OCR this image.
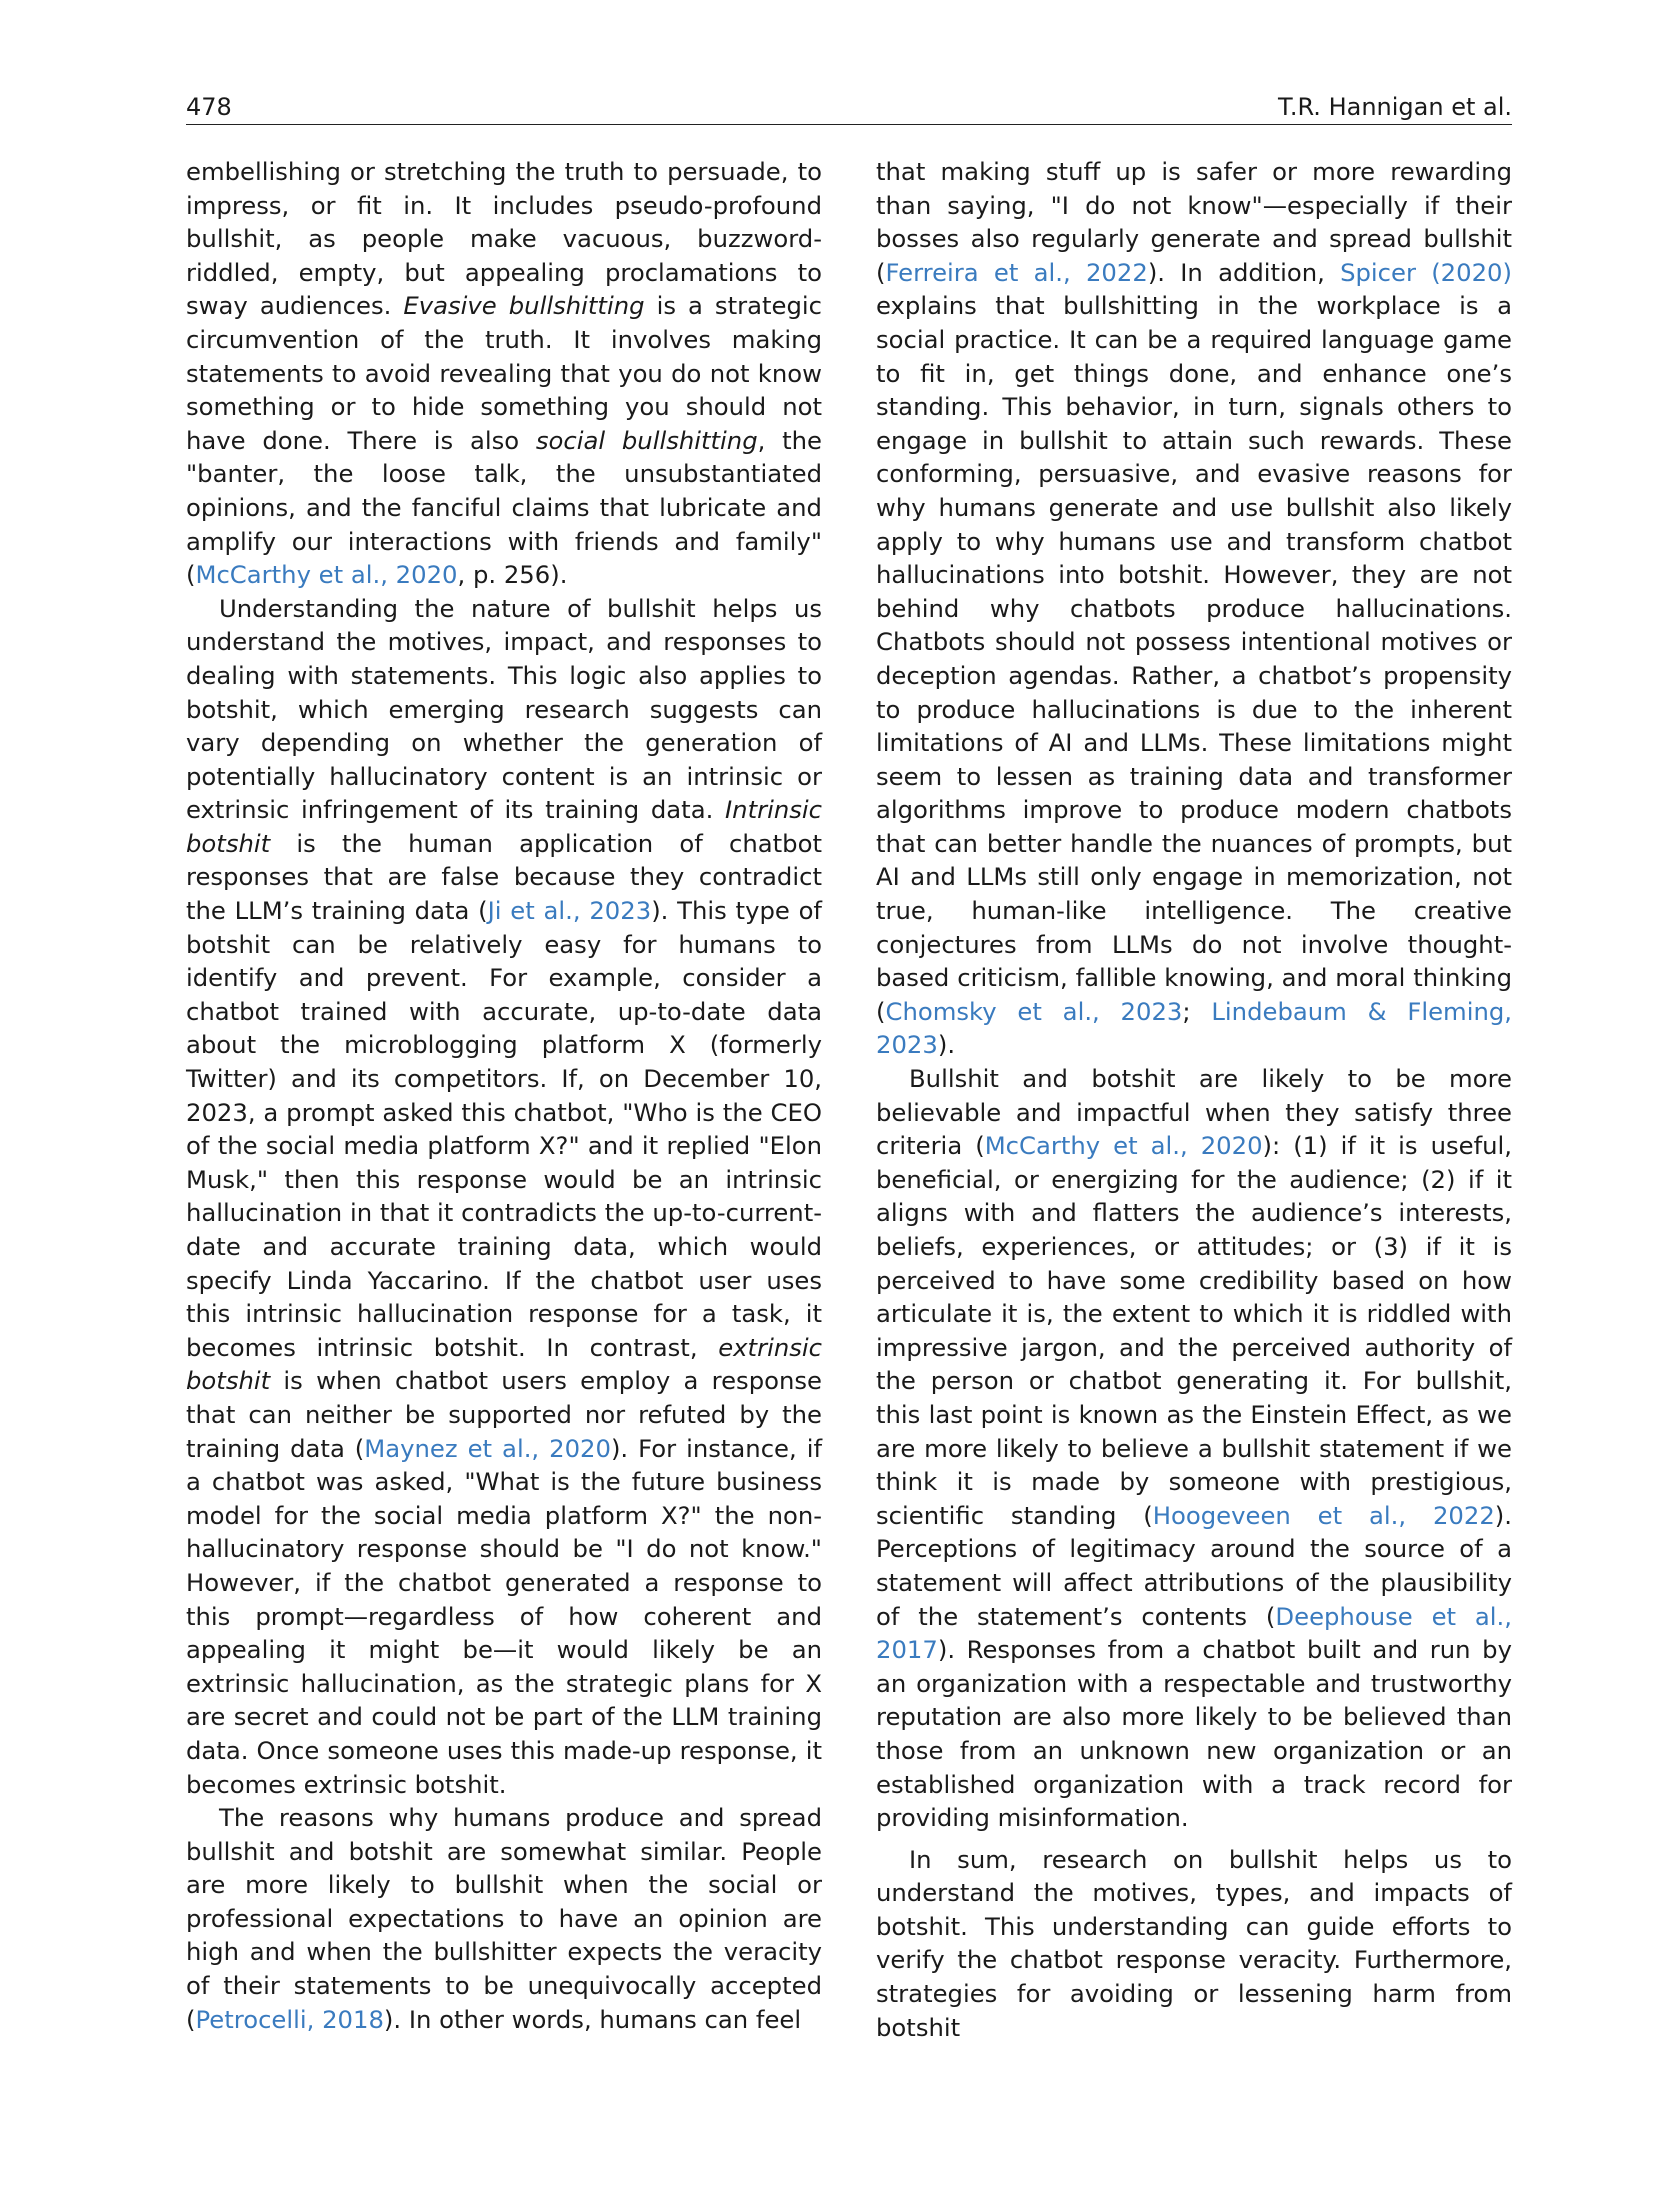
478	T.R. Hannigan et al.

embellishing or stretching the truth to persuade, to impress, or fit in. It includes pseudo-profound bullshit, as people make vacuous, buzzword-riddled, empty, but appealing proclamations to sway audiences. Evasive bullshitting is a strategic circumvention of the truth. It involves making statements to avoid revealing that you do not know something or to hide something you should not have done. There is also social bullshitting, the "banter, the loose talk, the unsubstantiated opinions, and the fanciful claims that lubricate and amplify our interactions with friends and family" (McCarthy et al., 2020, p. 256).

Understanding the nature of bullshit helps us understand the motives, impact, and responses to dealing with statements. This logic also applies to botshit, which emerging research suggests can vary depending on whether the generation of potentially hallucinatory content is an intrinsic or extrinsic infringement of its training data. Intrinsic botshit is the human application of chatbot responses that are false because they contradict the LLM’s training data (Ji et al., 2023). This type of botshit can be relatively easy for humans to identify and prevent. For example, consider a chatbot trained with accurate, up-to-date data about the microblogging platform X (formerly Twitter) and its competitors. If, on December 10, 2023, a prompt asked this chatbot, "Who is the CEO of the social media platform X?" and it replied "Elon Musk," then this response would be an intrinsic hallucination in that it contradicts the up-to-current-date and accurate training data, which would specify Linda Yaccarino. If the chatbot user uses this intrinsic hallucination response for a task, it becomes intrinsic botshit. In contrast, extrinsic botshit is when chatbot users employ a response that can neither be supported nor refuted by the training data (Maynez et al., 2020). For instance, if a chatbot was asked, "What is the future business model for the social media platform X?" the non-hallucinatory response should be "I do not know." However, if the chatbot generated a response to this prompt—regardless of how coherent and appealing it might be—it would likely be an extrinsic hallucination, as the strategic plans for X are secret and could not be part of the LLM training data. Once someone uses this made-up response, it becomes extrinsic botshit.

The reasons why humans produce and spread bullshit and botshit are somewhat similar. People are more likely to bullshit when the social or professional expectations to have an opinion are high and when the bullshitter expects the veracity of their statements to be unequivocally accepted (Petrocelli, 2018). In other words, humans can feel

that making stuff up is safer or more rewarding than saying, "I do not know"—especially if their bosses also regularly generate and spread bullshit (Ferreira et al., 2022). In addition, Spicer (2020) explains that bullshitting in the workplace is a social practice. It can be a required language game to fit in, get things done, and enhance one’s standing. This behavior, in turn, signals others to engage in bullshit to attain such rewards. These conforming, persuasive, and evasive reasons for why humans generate and use bullshit also likely apply to why humans use and transform chatbot hallucinations into botshit. However, they are not behind why chatbots produce hallucinations. Chatbots should not possess intentional motives or deception agendas. Rather, a chatbot’s propensity to produce hallucinations is due to the inherent limitations of AI and LLMs. These limitations might seem to lessen as training data and transformer algorithms improve to produce modern chatbots that can better handle the nuances of prompts, but AI and LLMs still only engage in memorization, not true, human-like intelligence. The creative conjectures from LLMs do not involve thought-based criticism, fallible knowing, and moral thinking (Chomsky et al., 2023; Lindebaum & Fleming, 2023).

Bullshit and botshit are likely to be more believable and impactful when they satisfy three criteria (McCarthy et al., 2020): (1) if it is useful, beneficial, or energizing for the audience; (2) if it aligns with and flatters the audience’s interests, beliefs, experiences, or attitudes; or (3) if it is perceived to have some credibility based on how articulate it is, the extent to which it is riddled with impressive jargon, and the perceived authority of the person or chatbot generating it. For bullshit, this last point is known as the Einstein Effect, as we are more likely to believe a bullshit statement if we think it is made by someone with prestigious, scientific standing (Hoogeveen et al., 2022). Perceptions of legitimacy around the source of a statement will affect attributions of the plausibility of the statement’s contents (Deephouse et al., 2017). Responses from a chatbot built and run by an organization with a respectable and trustworthy reputation are also more likely to be believed than those from an unknown new organization or an established organization with a track record for providing misinformation.

In sum, research on bullshit helps us to understand the motives, types, and impacts of botshit. This understanding can guide efforts to verify the chatbot response veracity. Furthermore, strategies for avoiding or lessening harm from botshit
